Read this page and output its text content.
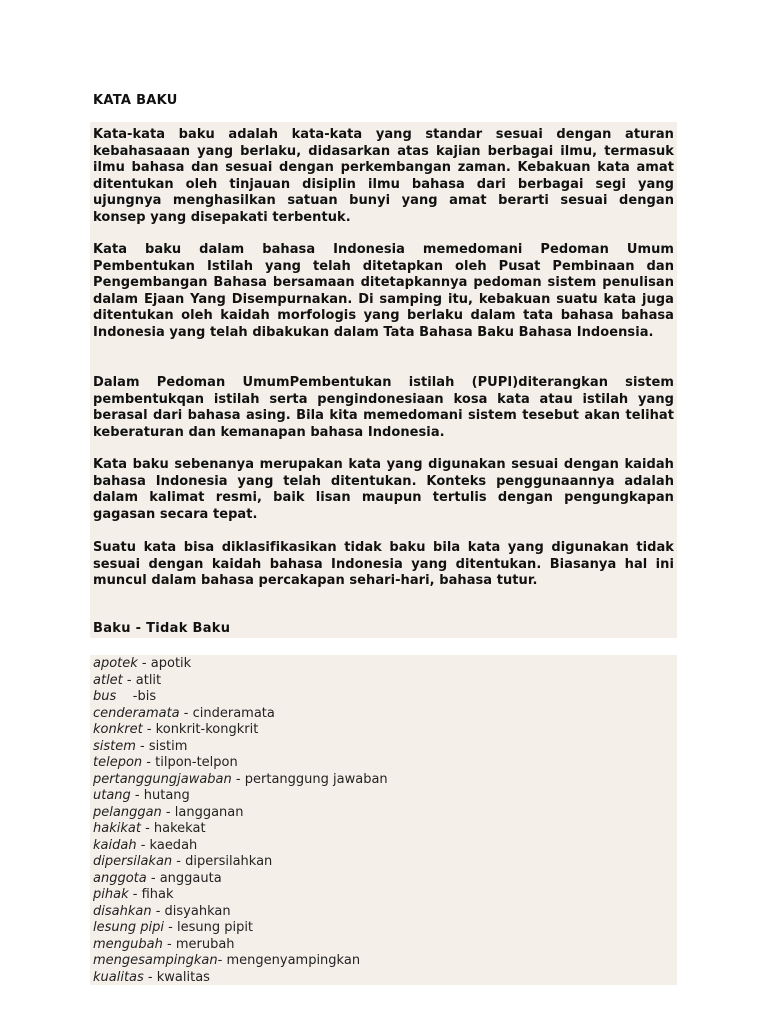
KATA BAKU

Kata-kata baku adalah kata-kata yang standar sesuai dengan aturan kebahasaaan yang berlaku, didasarkan atas kajian berbagai ilmu, termasuk ilmu bahasa dan sesuai dengan perkembangan zaman. Kebakuan kata amat ditentukan oleh tinjauan disiplin ilmu bahasa dari berbagai segi yang ujungnya menghasilkan satuan bunyi yang amat berarti sesuai dengan konsep yang disepakati terbentuk.

Kata baku dalam bahasa Indonesia memedomani Pedoman Umum Pembentukan Istilah yang telah ditetapkan oleh Pusat Pembinaan dan Pengembangan Bahasa bersamaan ditetapkannya pedoman sistem penulisan dalam Ejaan Yang Disempurnakan. Di samping itu, kebakuan suatu kata juga ditentukan oleh kaidah morfologis yang berlaku dalam tata bahasa bahasa Indonesia yang telah dibakukan dalam Tata Bahasa Baku Bahasa Indoensia.

Dalam Pedoman UmumPembentukan istilah (PUPI)diterangkan sistem pembentukqan istilah serta pengindonesiaan kosa kata atau istilah yang berasal dari bahasa asing. Bila kita memedomani sistem tesebut akan telihat keberaturan dan kemanapan bahasa Indonesia.

Kata baku sebenanya merupakan kata yang digunakan sesuai dengan kaidah bahasa Indonesia yang telah ditentukan. Konteks penggunaannya adalah dalam kalimat resmi, baik lisan maupun tertulis dengan pengungkapan gagasan secara tepat.

Suatu kata bisa diklasifikasikan tidak baku bila kata yang digunakan tidak sesuai dengan kaidah bahasa Indonesia yang ditentukan. Biasanya hal ini muncul dalam bahasa percakapan sehari-hari, bahasa tutur.

Baku - Tidak Baku
apotek - apotik
atlet - atlit
bus    -bis
cenderamata - cinderamata
konkret - konkrit-kongkrit
sistem - sistim
telepon - tilpon-telpon
pertanggungjawaban - pertanggung jawaban
utang - hutang
pelanggan - langganan
hakikat - hakekat
kaidah - kaedah
dipersilakan - dipersilahkan
anggota - anggauta
pihak - fihak
disahkan - disyahkan
lesung pipi - lesung pipit
mengubah - merubah
mengesampingkan- mengenyampingkan
kualitas - kwalitas
